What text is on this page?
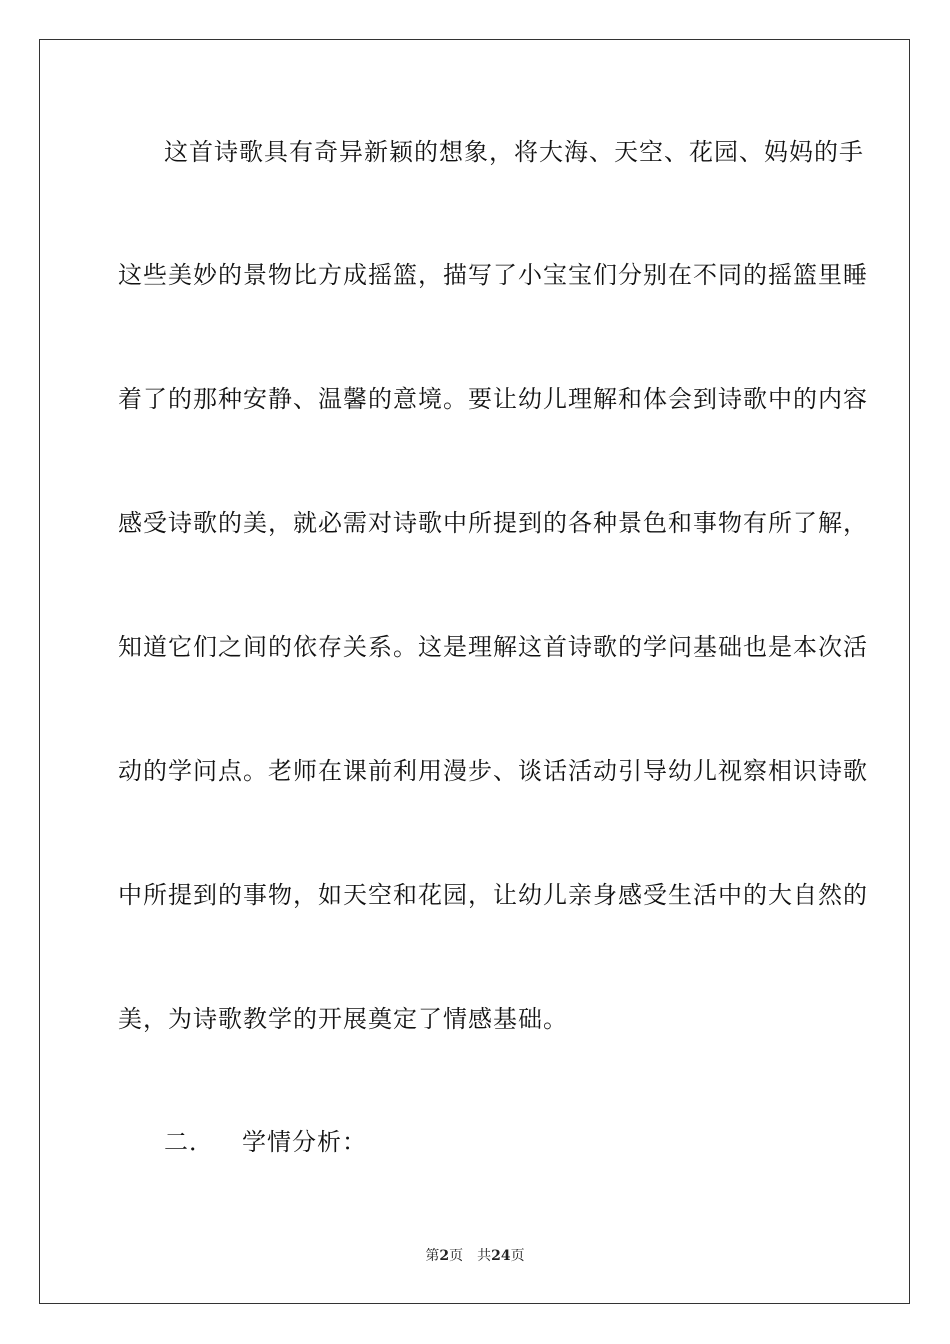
这首诗歌具有奇异新颖的想象，将大海、天空、花园、妈妈的手
这些美妙的景物比方成摇篮，描写了小宝宝们分别在不同的摇篮里睡
着了的那种安静、温馨的意境。要让幼儿理解和体会到诗歌中的内容
感受诗歌的美，就必需对诗歌中所提到的各种景色和事物有所了解，
知道它们之间的依存关系。这是理解这首诗歌的学问基础也是本次活
动的学问点。老师在课前利用漫步、谈话活动引导幼儿视察相识诗歌
中所提到的事物，如天空和花园，让幼儿亲身感受生活中的大自然的
美，为诗歌教学的开展奠定了情感基础。
二． 学情分析：
第2页 共24页
